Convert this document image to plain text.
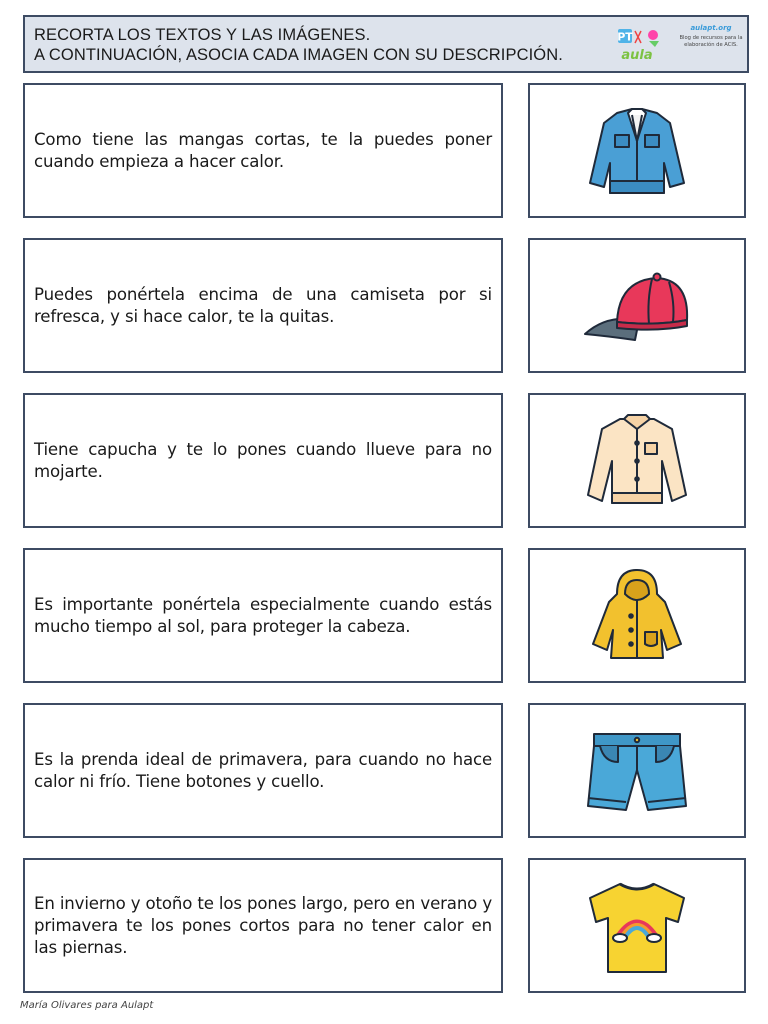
RECORTA LOS TEXTOS Y LAS IMÁGENES.
A CONTINUACIÓN, ASOCIA CADA IMAGEN CON SU DESCRIPCIÓN.
PT
aula
aulapt.org
Blog de recursos para la elaboración de ACIS.

Como tiene las mangas cortas, te la puedes poner cuando empieza a hacer calor.

Puedes ponértela encima de una camiseta por si refresca, y si hace calor, te la quitas.

Tiene capucha y te lo pones cuando llueve para no mojarte.

Es importante ponértela especialmente cuando estás mucho tiempo al sol, para proteger la cabeza.

Es la prenda ideal de primavera, para cuando no hace calor ni frío. Tiene botones y cuello.

En invierno y otoño te los pones largo, pero en verano y primavera te los pones cortos para no tener calor en las piernas.

María Olivares para Aulapt
